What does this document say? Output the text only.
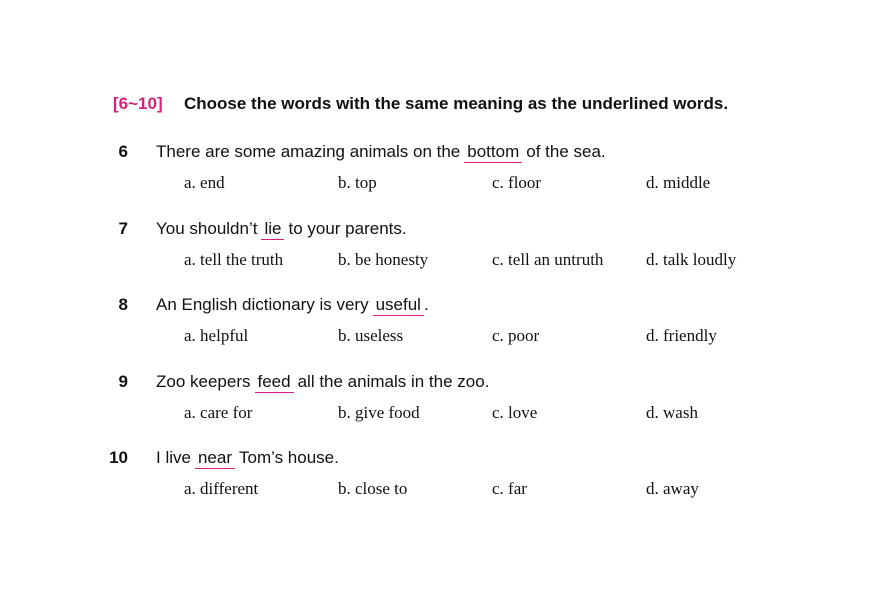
[6~10]	Choose the words with the same meaning as the underlined words.
6	There are some amazing animals on the bottom of the sea.
a. end	b. top	c. floor	d. middle
7	You shouldn’t lie to your parents.
a. tell the truth	b. be honesty	c. tell an untruth	d. talk loudly
8	An English dictionary is very useful .
a. helpful	b. useless	c. poor	d. friendly
9	Zoo keepers feed all the animals in the zoo.
a. care for	b. give food	c. love	d. wash
10	I live near Tom’s house.
a. different	b. close to	c. far	d. away
